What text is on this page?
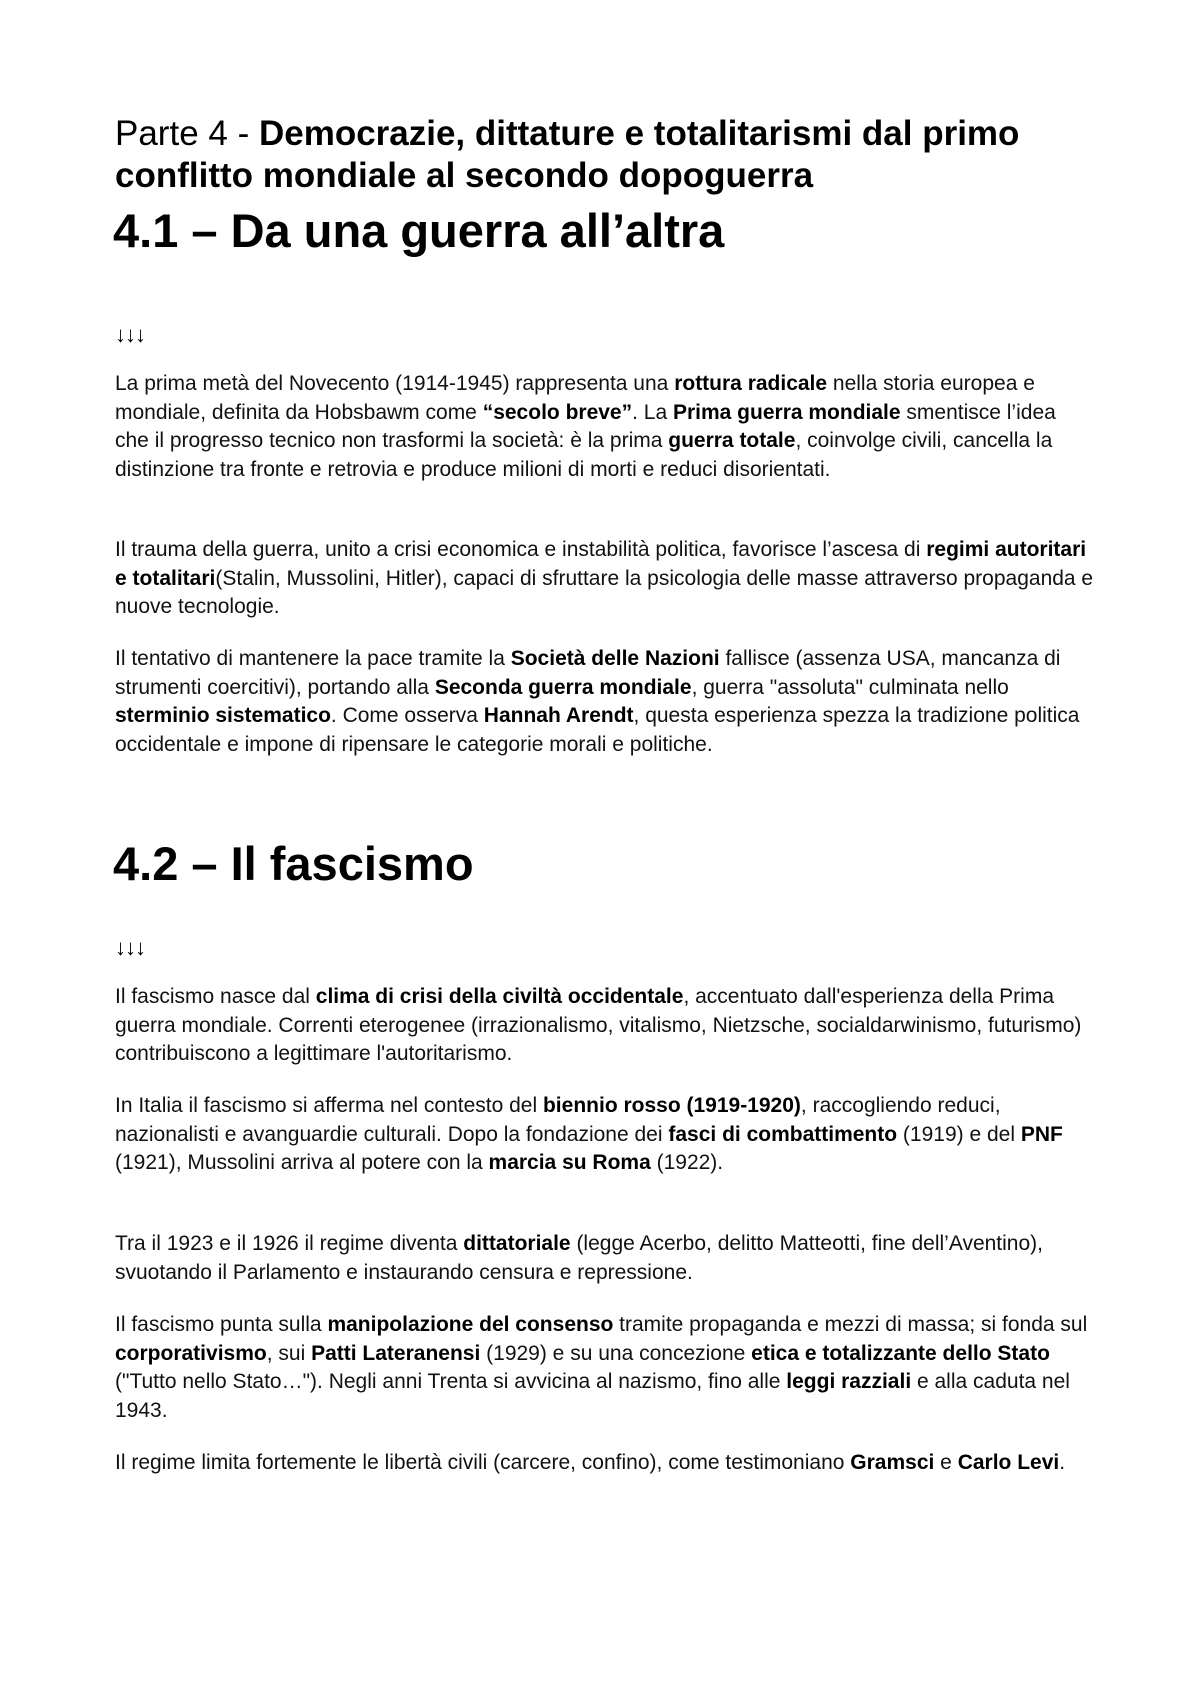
Parte 4 - Democrazie, dittature e totalitarismi dal primo conflitto mondiale al secondo dopoguerra
4.1 – Da una guerra all’altra
↓↓↓

La prima metà del Novecento (1914-1945) rappresenta una rottura radicale nella storia europea e mondiale, definita da Hobsbawm come “secolo breve”. La Prima guerra mondiale smentisce l’idea che il progresso tecnico non trasformi la società: è la prima guerra totale, coinvolge civili, cancella la distinzione tra fronte e retrovia e produce milioni di morti e reduci disorientati.

Il trauma della guerra, unito a crisi economica e instabilità politica, favorisce l’ascesa di regimi autoritari e totalitari(Stalin, Mussolini, Hitler), capaci di sfruttare la psicologia delle masse attraverso propaganda e nuove tecnologie.

Il tentativo di mantenere la pace tramite la Società delle Nazioni fallisce (assenza USA, mancanza di strumenti coercitivi), portando alla Seconda guerra mondiale, guerra "assoluta" culminata nello sterminio sistematico. Come osserva Hannah Arendt, questa esperienza spezza la tradizione politica occidentale e impone di ripensare le categorie morali e politiche.

4.2 – Il fascismo
↓↓↓

Il fascismo nasce dal clima di crisi della civiltà occidentale, accentuato dall'esperienza della Prima guerra mondiale. Correnti eterogenee (irrazionalismo, vitalismo, Nietzsche, socialdarwinismo, futurismo) contribuiscono a legittimare l'autoritarismo.

In Italia il fascismo si afferma nel contesto del biennio rosso (1919-1920), raccogliendo reduci, nazionalisti e avanguardie culturali. Dopo la fondazione dei fasci di combattimento (1919) e del PNF (1921), Mussolini arriva al potere con la marcia su Roma (1922).

Tra il 1923 e il 1926 il regime diventa dittatoriale (legge Acerbo, delitto Matteotti, fine dell’Aventino), svuotando il Parlamento e instaurando censura e repressione.

Il fascismo punta sulla manipolazione del consenso tramite propaganda e mezzi di massa; si fonda sul corporativismo, sui Patti Lateranensi (1929) e su una concezione etica e totalizzante dello Stato ("Tutto nello Stato…"). Negli anni Trenta si avvicina al nazismo, fino alle leggi razziali e alla caduta nel 1943.

Il regime limita fortemente le libertà civili (carcere, confino), come testimoniano Gramsci e Carlo Levi.
